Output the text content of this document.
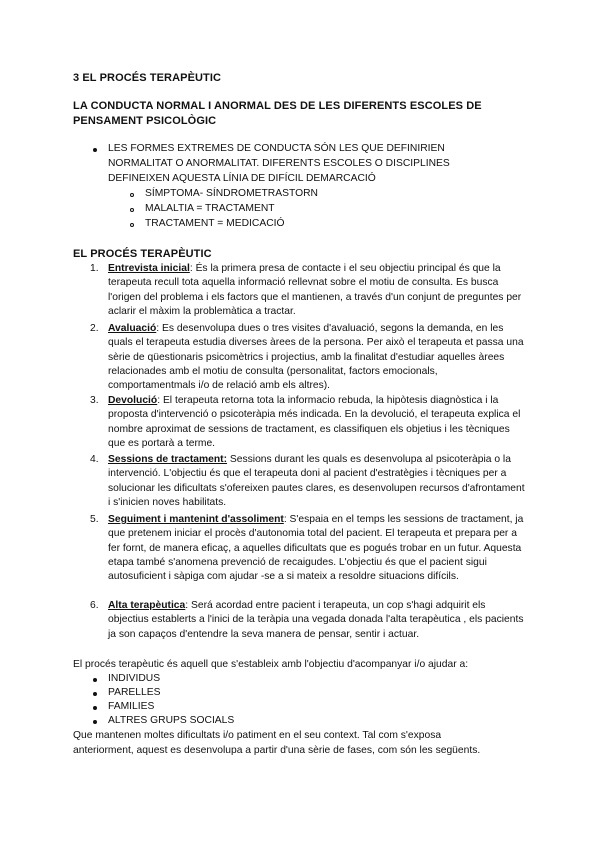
3 EL PROCÉS TERAPÈUTIC

LA CONDUCTA NORMAL I ANORMAL DES DE LES DIFERENTS ESCOLES DE

PENSAMENT PSICOLÒGIC

LES FORMES EXTREMES DE CONDUCTA SÓN LES QUE DEFINIRIEN

NORMALITAT O ANORMALITAT. DIFERENTS ESCOLES O DISCIPLINES

DEFINEIXEN AQUESTA LÍNIA DE DIFÍCIL DEMARCACIÓ

SÍMPTOMA- SÍNDROMETRASTORN

MALALTIA = TRACTAMENT

TRACTAMENT = MEDICACIÓ

EL PROCÉS TERAPÈUTIC

1. Entrevista inicial: És la primera presa de contacte i el seu objectiu principal és que la terapeuta recull tota aquella informació rellevnat sobre el motiu de consulta. Es busca l'origen del problema i els factors que el mantienen, a través d'un conjunt de preguntes per aclarir el màxim la problemàtica a tractar.

2. Avaluació: Es desenvolupa dues o tres visites d'avaluació, segons la demanda, en les quals el terapeuta estudia diverses àrees de la persona. Per això el terapeuta et passa una sèrie de qüestionaris psicomètrics i projectius, amb la finalitat d'estudiar aquelles àrees relacionades amb el motiu de consulta (personalitat, factors emocionals, comportamentmals i/o de relació amb els altres).

3. Devolució: El terapeuta retorna tota la informacio rebuda, la hipòtesis diagnòstica i la proposta d'intervenció o psicoteràpia més indicada. En la devolució, el terapeuta explica el nombre aproximat de sessions de tractament, es classifiquen els objetius i les tècniques que es portarà a terme.

4. Sessions de tractament: Sessions durant les quals es desenvolupa al psicoteràpia o la intervenció. L'objectiu és que el terapeuta doni al pacient d'estratègies i tècniques per a solucionar les dificultats s'ofereixen pautes clares, es desenvolupen recursos d'afrontament i s'inicien noves habilitats.

5. Seguiment i mantenint d'assoliment: S'espaia en el temps les sessions de tractament, ja que pretenem iniciar el procès d'autonomia total del pacient. El terapeuta et prepara per a fer fornt, de manera eficaç, a aquelles dificultats que es pogués trobar en un futur. Aquesta etapa també s'anomena prevenció de recaigudes. L'objectiu és que el pacient sigui autosuficient i sàpiga com ajudar -se a si mateix a resoldre situacions difícils.

6. Alta terapèutica: Será acordad entre pacient i terapeuta, un cop s'hagi adquirit els objectius establerts a l'inici de la teràpia una vegada donada l'alta terapèutica , els pacients ja son capaços d'entendre la seva manera de pensar, sentir i actuar.

El procés terapèutic és aquell que s'estableix amb l'objectiu d'acompanyar i/o ajudar a:

INDIVIDUS

PARELLES

FAMILIES

ALTRES GRUPS SOCIALS

Que mantenen moltes dificultats i/o patiment en el seu context. Tal com s'exposa

anteriorment, aquest es desenvolupa a partir d'una sèrie de fases, com són les següents.
